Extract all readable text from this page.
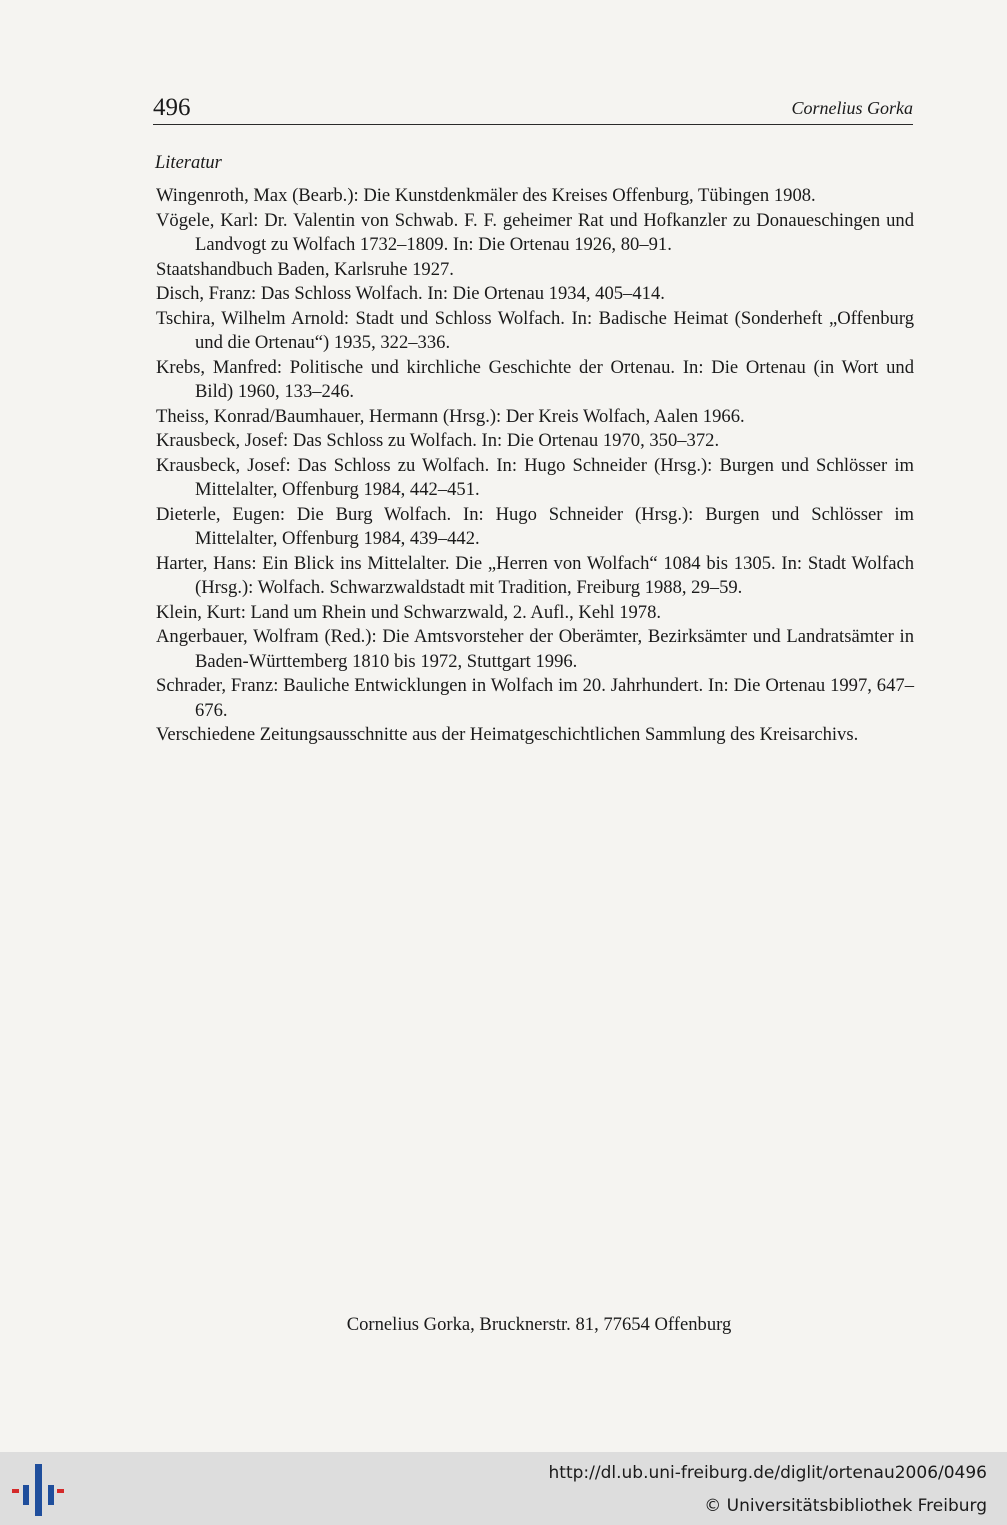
496	Cornelius Gorka
Literatur
Wingenroth, Max (Bearb.): Die Kunstdenkmäler des Kreises Offenburg, Tübingen 1908.
Vögele, Karl: Dr. Valentin von Schwab. F. F. geheimer Rat und Hofkanzler zu Donaueschingen und Landvogt zu Wolfach 1732–1809. In: Die Ortenau 1926, 80–91.
Staatshandbuch Baden, Karlsruhe 1927.
Disch, Franz: Das Schloss Wolfach. In: Die Ortenau 1934, 405–414.
Tschira, Wilhelm Arnold: Stadt und Schloss Wolfach. In: Badische Heimat (Sonderheft „Offenburg und die Ortenau“) 1935, 322–336.
Krebs, Manfred: Politische und kirchliche Geschichte der Ortenau. In: Die Ortenau (in Wort und Bild) 1960, 133–246.
Theiss, Konrad/Baumhauer, Hermann (Hrsg.): Der Kreis Wolfach, Aalen 1966.
Krausbeck, Josef: Das Schloss zu Wolfach. In: Die Ortenau 1970, 350–372.
Krausbeck, Josef: Das Schloss zu Wolfach. In: Hugo Schneider (Hrsg.): Burgen und Schlösser im Mittelalter, Offenburg 1984, 442–451.
Dieterle, Eugen: Die Burg Wolfach. In: Hugo Schneider (Hrsg.): Burgen und Schlösser im Mittelalter, Offenburg 1984, 439–442.
Harter, Hans: Ein Blick ins Mittelalter. Die „Herren von Wolfach“ 1084 bis 1305. In: Stadt Wolfach (Hrsg.): Wolfach. Schwarzwaldstadt mit Tradition, Freiburg 1988, 29–59.
Klein, Kurt: Land um Rhein und Schwarzwald, 2. Aufl., Kehl 1978.
Angerbauer, Wolfram (Red.): Die Amtsvorsteher der Oberämter, Bezirksämter und Landratsämter in Baden-Württemberg 1810 bis 1972, Stuttgart 1996.
Schrader, Franz: Bauliche Entwicklungen in Wolfach im 20. Jahrhundert. In: Die Ortenau 1997, 647–676.
Verschiedene Zeitungsausschnitte aus der Heimatgeschichtlichen Sammlung des Kreisarchivs.
Cornelius Gorka, Brucknerstr. 81, 77654 Offenburg
http://dl.ub.uni-freiburg.de/diglit/ortenau2006/0496
© Universitätsbibliothek Freiburg
